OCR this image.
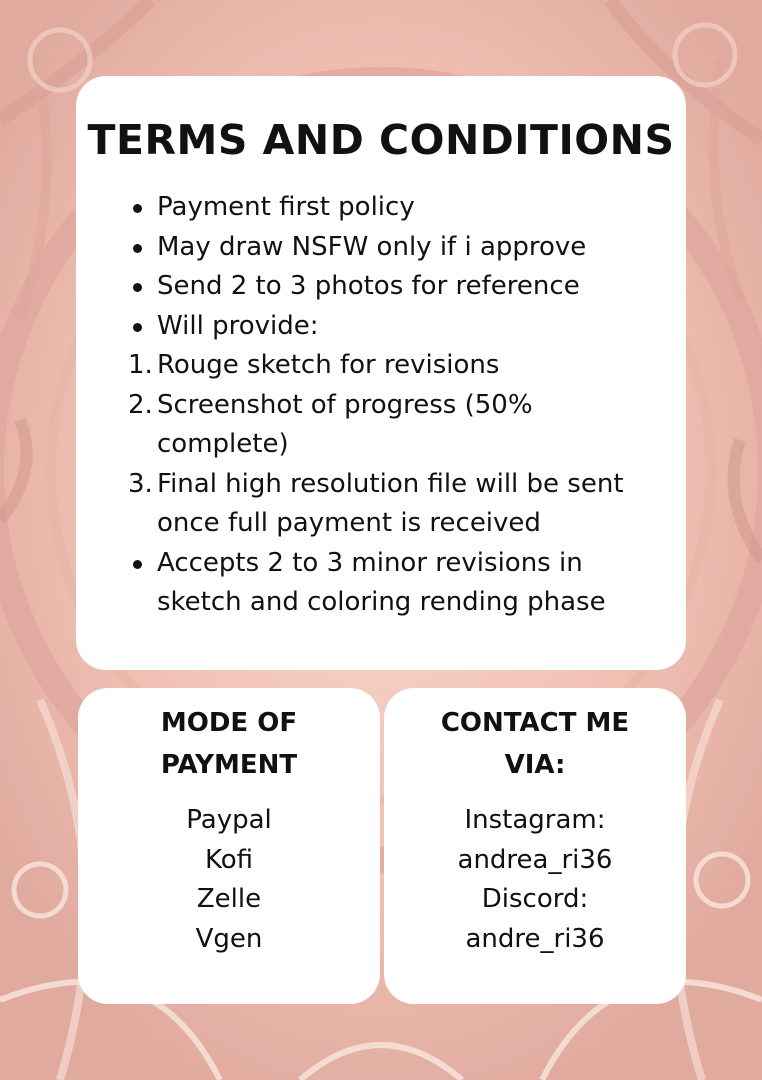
TERMS AND CONDITIONS
Payment first policy
May draw NSFW only if i approve
Send 2 to 3 photos for reference
Will provide:
1. Rouge sketch for revisions
2. Screenshot of progress (50%
complete)
3. Final high resolution file will be sent
once full payment is received
Accepts 2 to 3 minor revisions in
sketch and coloring rending phase
MODE OF
PAYMENT
Paypal
Kofi
Zelle
Vgen
CONTACT ME
VIA:
Instagram:
andrea_ri36
Discord:
andre_ri36
